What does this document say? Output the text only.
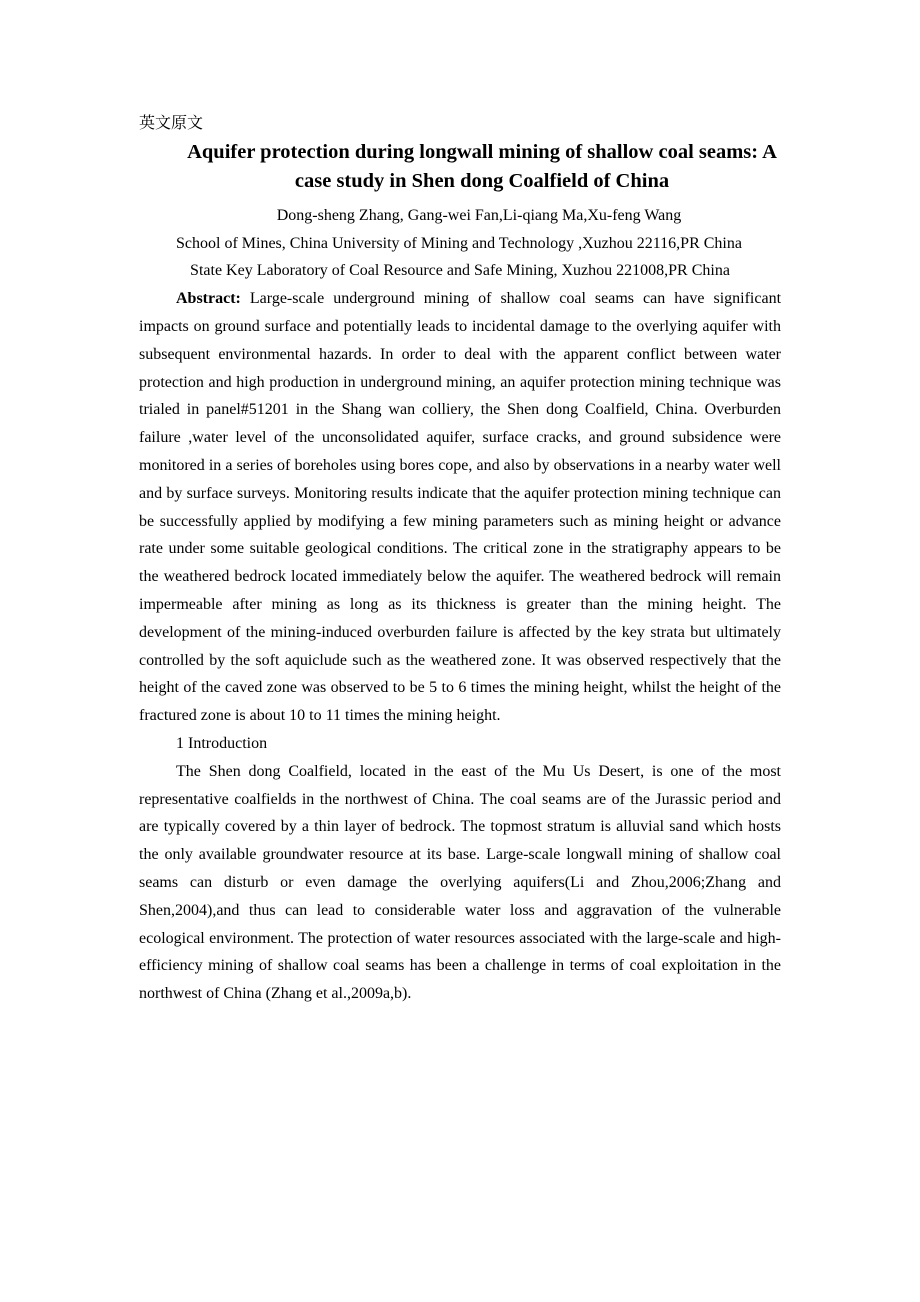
英文原文

Aquifer protection during longwall mining of shallow coal seams: A case study in Shen dong Coalfield of China

Dong-sheng Zhang, Gang-wei Fan,Li-qiang Ma,Xu-feng Wang

School of Mines, China University of Mining and Technology ,Xuzhou 22116,PR China

State Key Laboratory of Coal Resource and Safe Mining, Xuzhou 221008,PR China

Abstract: Large-scale underground mining of shallow coal seams can have significant impacts on ground surface and potentially leads to incidental damage to the overlying aquifer with subsequent environmental hazards. In order to deal with the apparent conflict between water protection and high production in underground mining, an aquifer protection mining technique was trialed in panel#51201 in the Shang wan colliery, the Shen dong Coalfield, China. Overburden failure ,water level of the unconsolidated aquifer, surface cracks, and ground subsidence were monitored in a series of boreholes using bores cope, and also by observations in a nearby water well and by surface surveys. Monitoring results indicate that the aquifer protection mining technique can be successfully applied by modifying a few mining parameters such as mining height or advance rate under some suitable geological conditions. The critical zone in the stratigraphy appears to be the weathered bedrock located immediately below the aquifer. The weathered bedrock will remain impermeable after mining as long as its thickness is greater than the mining height. The development of the mining-induced overburden failure is affected by the key strata but ultimately controlled by the soft aquiclude such as the weathered zone. It was observed respectively that the height of the caved zone was observed to be 5 to 6 times the mining height, whilst the height of the fractured zone is about 10 to 11 times the mining height.

1 Introduction

The Shen dong Coalfield, located in the east of the Mu Us Desert, is one of the most representative coalfields in the northwest of China. The coal seams are of the Jurassic period and are typically covered by a thin layer of bedrock. The topmost stratum is alluvial sand which hosts the only available groundwater resource at its base. Large-scale longwall mining of shallow coal seams can disturb or even damage the overlying aquifers(Li and Zhou,2006;Zhang and Shen,2004),and thus can lead to considerable water loss and aggravation of the vulnerable ecological environment. The protection of water resources associated with the large-scale and high-efficiency mining of shallow coal seams has been a challenge in terms of coal exploitation in the northwest of China (Zhang et al.,2009a,b).
